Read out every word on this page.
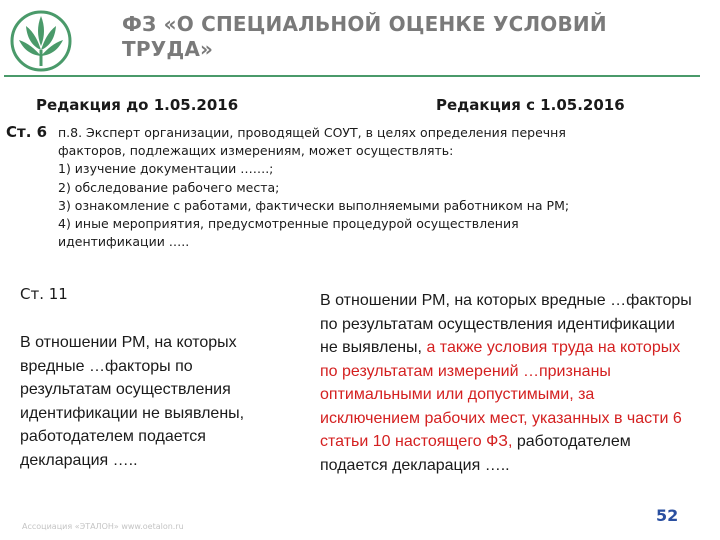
ФЗ «О СПЕЦИАЛЬНОЙ ОЦЕНКЕ УСЛОВИЙ ТРУДА»
Редакция до 1.05.2016	Редакция с 1.05.2016
Ст. 6 п.8. Эксперт организации, проводящей СОУТ, в целях определения перечня
факторов, подлежащих измерениям, может осуществлять:
1) изучение документации …….;
2) обследование рабочего места;
3) ознакомление с работами, фактически выполняемыми работником на РМ;
4) иные мероприятия, предусмотренные процедурой осуществления
идентификации …..
Ст. 11
В отношении РМ, на которых вредные …факторы по результатам осуществления идентификации не выявлены, работодателем подается декларация …..
В отношении РМ, на которых вредные …факторы по результатам осуществления идентификации не выявлены, а также условия труда на которых по результатам измерений …признаны оптимальными или допустимыми, за исключением рабочих мест, указанных в части 6 статьи 10 настоящего ФЗ, работодателем подается декларация …..
Ассоциация «ЭТАЛОН» www.oetalon.ru
52
